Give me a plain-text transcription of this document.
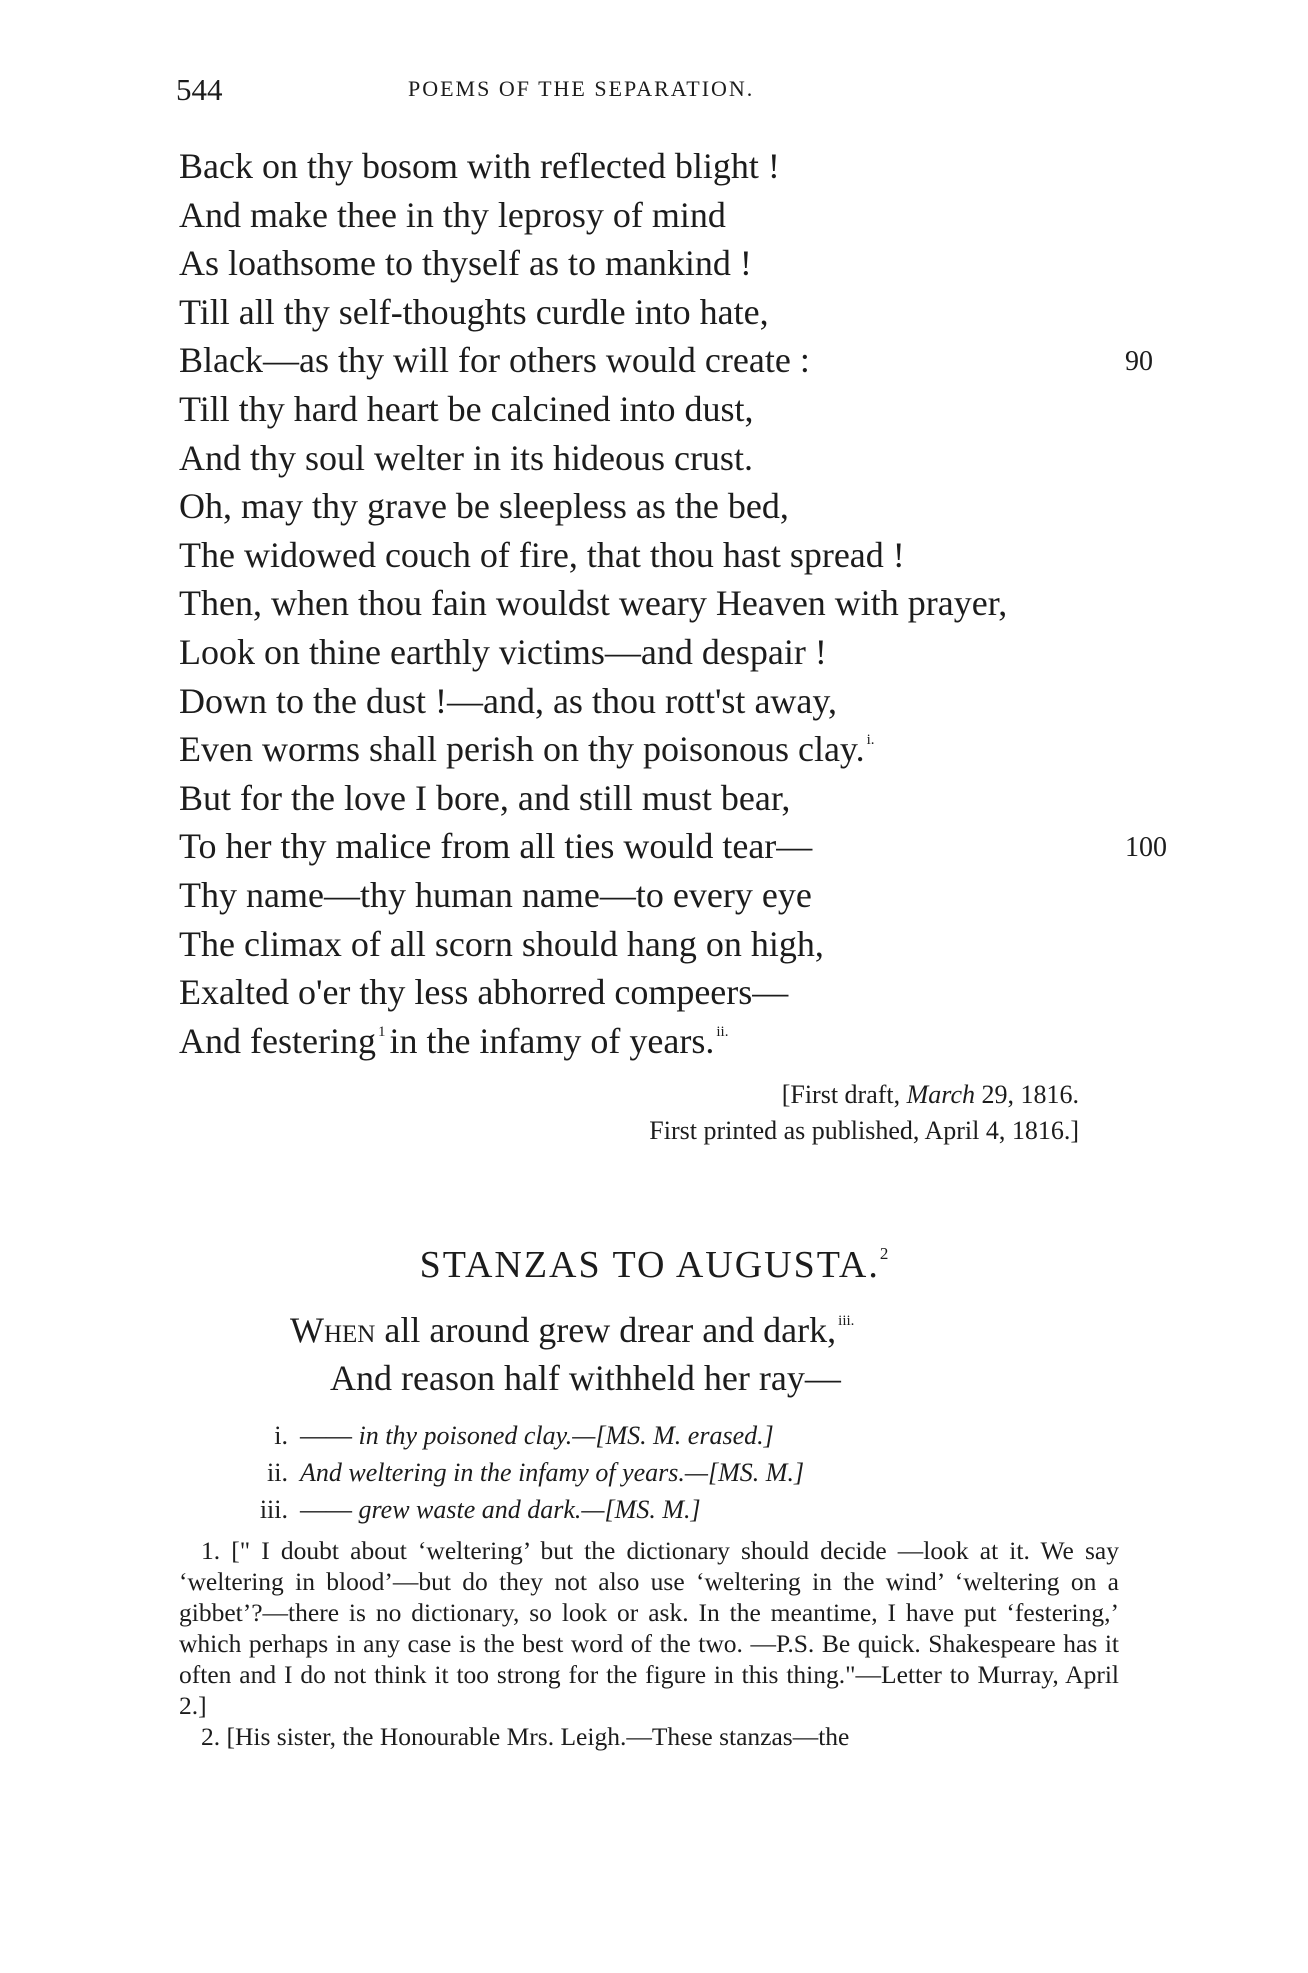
544	POEMS OF THE SEPARATION.
Back on thy bosom with reflected blight !
And make thee in thy leprosy of mind
As loathsome to thyself as to mankind !
Till all thy self-thoughts curdle into hate,
Black—as thy will for others would create :	90
Till thy hard heart be calcined into dust,
And thy soul welter in its hideous crust.
Oh, may thy grave be sleepless as the bed,
The widowed couch of fire, that thou hast spread !
Then, when thou fain wouldst weary Heaven with prayer,
Look on thine earthly victims—and despair !
Down to the dust !—and, as thou rott'st away,
Even worms shall perish on thy poisonous clay. $^{i.}$
But for the love I bore, and still must bear,
To her thy malice from all ties would tear—	100
Thy name—thy human name—to every eye
The climax of all scorn should hang on high,
Exalted o'er thy less abhorred compeers—
And festering $^1$ in the infamy of years. $^{ii.}$
[First draft, March 29, 1816.
First printed as published, April 4, 1816.]
STANZAS TO AUGUSTA.$^2$
When all around grew drear and dark, $^{iii.}$
And reason half withheld her ray—
i. —— in thy poisoned clay.—[MS. M. erased.]
ii. And weltering in the infamy of years.—[MS. M.]
iii. —— grew waste and dark.—[MS. M.]

1. [" I doubt about ‘weltering’ but the dictionary should decide —look at it. We say ‘weltering in blood’—but do they not also use ‘weltering in the wind’ ‘weltering on a gibbet’?—there is no dictionary, so look or ask. In the meantime, I have put ‘festering,’ which perhaps in any case is the best word of the two. —P.S. Be quick. Shakespeare has it often and I do not think it too strong for the figure in this thing."—Letter to Murray, April 2.]

2. [His sister, the Honourable Mrs. Leigh.—These stanzas—the
